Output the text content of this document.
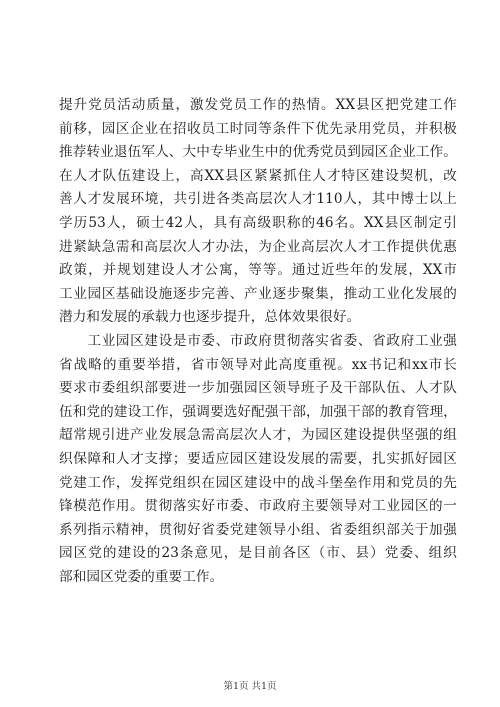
提升党员活动质量，激发党员工作的热情。XX县区把党建工作
前移，园区企业在招收员工时同等条件下优先录用党员，并积极
推荐转业退伍军人、大中专毕业生中的优秀党员到园区企业工作。
在人才队伍建设上，高XX县区紧紧抓住人才特区建设契机，改
善人才发展环境，共引进各类高层次人才110人，其中博士以上
学历53人，硕士42人，具有高级职称的46名。XX县区制定引
进紧缺急需和高层次人才办法，为企业高层次人才工作提供优惠
政策，并规划建设人才公寓，等等。通过近些年的发展，XX市
工业园区基础设施逐步完善、产业逐步聚集，推动工业化发展的
潜力和发展的承载力也逐步提升，总体效果很好。
　　工业园区建设是市委、市政府贯彻落实省委、省政府工业强
省战略的重要举措，省市领导对此高度重视。xx书记和xx市长
要求市委组织部要进一步加强园区领导班子及干部队伍、人才队
伍和党的建设工作，强调要选好配强干部，加强干部的教育管理，
超常规引进产业发展急需高层次人才，为园区建设提供坚强的组
织保障和人才支撑；要适应园区建设发展的需要，扎实抓好园区
党建工作，发挥党组织在园区建设中的战斗堡垒作用和党员的先
锋模范作用。贯彻落实好市委、市政府主要领导对工业园区的一
系列指示精神，贯彻好省委党建领导小组、省委组织部关于加强
园区党的建设的23条意见，是目前各区（市、县）党委、组织
部和园区党委的重要工作。
第1页 共1页
